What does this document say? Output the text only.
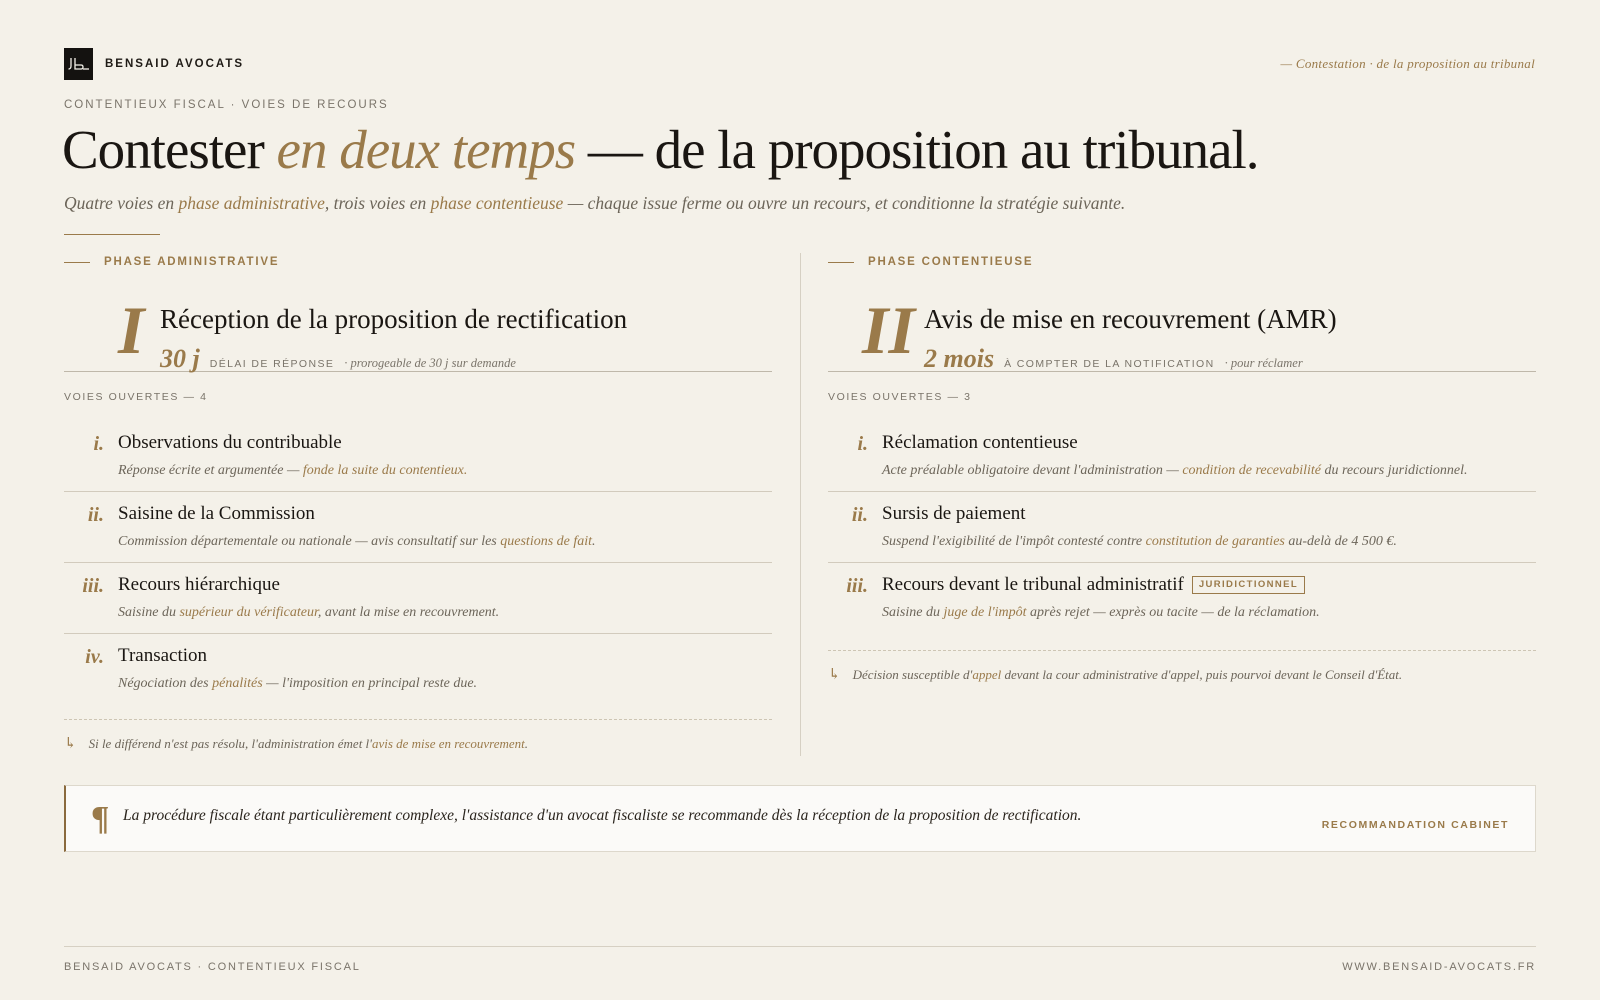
BENSAID AVOCATS	— Contestation · de la proposition au tribunal
CONTENTIEUX FISCAL · VOIES DE RECOURS
Contester en deux temps — de la proposition au tribunal.

Quatre voies en phase administrative, trois voies en phase contentieuse — chaque issue ferme ou ouvre un recours, et conditionne la stratégie suivante.

PHASE ADMINISTRATIVE
I Réception de la proposition de rectification
30 j DÉLAI DE RÉPONSE · prorogeable de 30 j sur demande
VOIES OUVERTES — 4
i. Observations du contribuable
Réponse écrite et argumentée — fonde la suite du contentieux.
ii. Saisine de la Commission
Commission départementale ou nationale — avis consultatif sur les questions de fait.
iii. Recours hiérarchique
Saisine du supérieur du vérificateur, avant la mise en recouvrement.
iv. Transaction
Négociation des pénalités — l'imposition en principal reste due.
↳ Si le différend n'est pas résolu, l'administration émet l'avis de mise en recouvrement.
PHASE CONTENTIEUSE
II Avis de mise en recouvrement (AMR)
2 mois À COMPTER DE LA NOTIFICATION · pour réclamer
VOIES OUVERTES — 3
i. Réclamation contentieuse
Acte préalable obligatoire devant l'administration — condition de recevabilité du recours juridictionnel.
ii. Sursis de paiement
Suspend l'exigibilité de l'impôt contesté contre constitution de garanties au-delà de 4 500 €.
iii. Recours devant le tribunal administratif	JURIDICTIONNEL
Saisine du juge de l'impôt après rejet — exprès ou tacite — de la réclamation.
↳ Décision susceptible d'appel devant la cour administrative d'appel, puis pourvoi devant le Conseil d'État.
¶ La procédure fiscale étant particulièrement complexe, l'assistance d'un avocat fiscaliste se recommande dès la réception de la proposition de rectification.
RECOMMANDATION CABINET
BENSAID AVOCATS · CONTENTIEUX FISCAL	WWW.BENSAID-AVOCATS.FR
